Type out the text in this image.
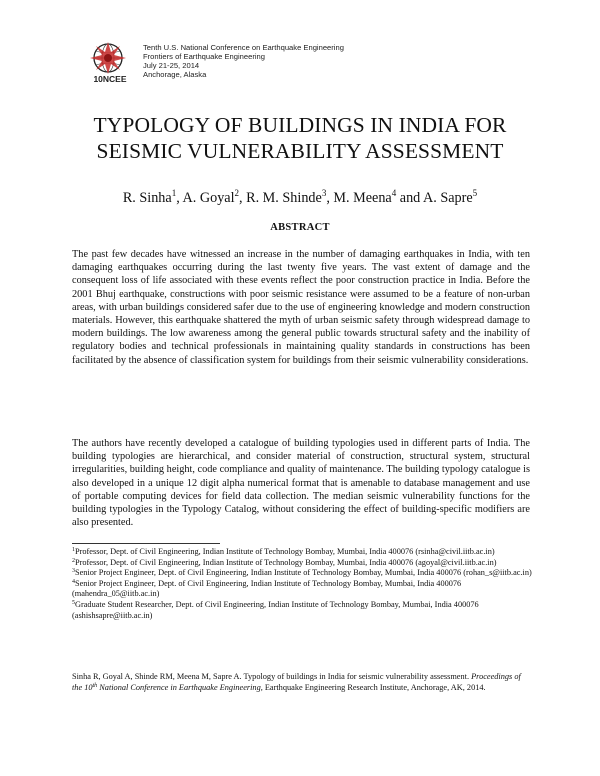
10NCEE
Tenth U.S. National Conference on Earthquake Engineering
Frontiers of Earthquake Engineering
July 21-25, 2014
Anchorage, Alaska
TYPOLOGY OF BUILDINGS IN INDIA FOR
SEISMIC VULNERABILITY ASSESSMENT
R. Sinha$^1$, A. Goyal$^2$, R. M. Shinde$^3$, M. Meena$^4$ and A. Sapre$^5$
ABSTRACT

The past few decades have witnessed an increase in the number of damaging earthquakes in India, with ten damaging earthquakes occurring during the last twenty five years. The vast extent of damage and the consequent loss of life associated with these events reflect the poor construction practice in India. Before the 2001 Bhuj earthquake, constructions with poor seismic resistance were assumed to be a feature of non-urban areas, with urban buildings considered safer due to the use of engineering knowledge and modern construction materials. However, this earthquake shattered the myth of urban seismic safety through widespread damage to modern buildings. The low awareness among the general public towards structural safety and the inability of regulatory bodies and technical professionals in maintaining quality standards in constructions has been facilitated by the absence of classification system for buildings from their seismic vulnerability considerations.

The authors have recently developed a catalogue of building typologies used in different parts of India. The building typologies are hierarchical, and consider material of construction, structural system, structural irregularities, building height, code compliance and quality of maintenance. The building typology catalogue is also developed in a unique 12 digit alpha numerical format that is amenable to database management and use of portable computing devices for field data collection. The median seismic vulnerability functions for the building typologies in the Typology Catalog, without considering the effect of building-specific modifiers are also presented.

$^1$Professor, Dept. of Civil Engineering, Indian Institute of Technology Bombay, Mumbai, India 400076 (rsinha@civil.iitb.ac.in)

$^2$Professor, Dept. of Civil Engineering, Indian Institute of Technology Bombay, Mumbai, India 400076 (agoyal@civil.iitb.ac.in)

$^3$Senior Project Engineer, Dept. of Civil Engineering, Indian Institute of Technology Bombay, Mumbai, India 400076 (rohan_s@iitb.ac.in)

$^4$Senior Project Engineer, Dept. of Civil Engineering, Indian Institute of Technology Bombay, Mumbai, India 400076 (mahendra_05@iitb.ac.in)

$^5$Graduate Student Researcher, Dept. of Civil Engineering, Indian Institute of Technology Bombay, Mumbai, India 400076 (ashishsapre@iitb.ac.in)

Sinha R, Goyal A, Shinde RM, Meena M, Sapre A. Typology of buildings in India for seismic vulnerability assessment. Proceedings of the 10th National Conference in Earthquake Engineering, Earthquake Engineering Research Institute, Anchorage, AK, 2014.
